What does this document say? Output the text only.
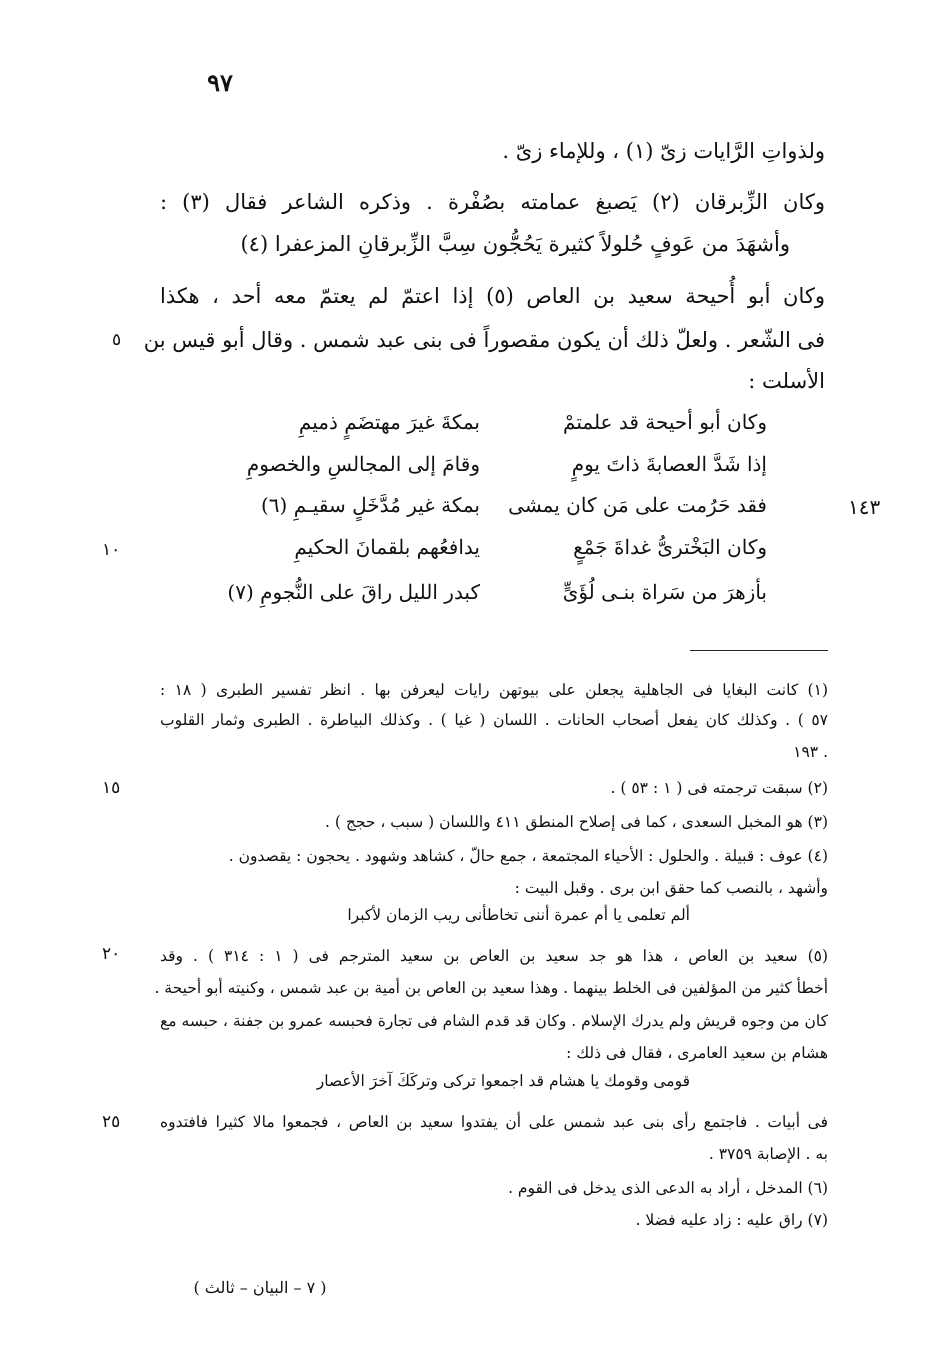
٩٧
ولذواتِ الرَّايات زىّ (١) ، وللإماء زىّ .
وكان الزِّبرقان (٢) يَصبغ عمامته بصُفْرة . وذكره الشاعر فقال (٣) :
وأشهَدَ من عَوفٍ حُلولاً كثيرة يَحُجُّون سِبَّ الزِّبرقانِ المزعفرا (٤)
وكان أبو أُحيحة سعيد بن العاص (٥) إذا اعتمّ لم يعتمّ معه أحد ، هكذا
فى الشّعر . ولعلّ ذلك أن يكون مقصوراً فى بنى عبد شمس . وقال أبو قيس بن
الأسلت :
وكان أبو أحيحة قد علمتمْ
بمكةَ غيرَ مهتضَمٍ ذميمِ
إذا شَدَّ العصابةَ ذاتَ يومٍ
وقامَ إلى المجالسِ والخصومِ
فقد حَرُمت على مَن كان يمشى
بمكة غير مُدَّخَلٍ سقيـمِ (٦)
وكان البَخْترىُّ غداةَ جَمْعٍ
يدافعُهم بلقمانَ الحكيمِ
بأزهرَ من سَراة بنـى لُؤَىٍّ
كبدر الليل راقَ على النُّجومِ (٧)
٥
١٠
١٥
٢٠
٢٥
١٤٣
(١) كانت البغايا فى الجاهلية يجعلن على بيوتهن رايات ليعرفن بها . انظر تفسير الطبرى ( ١٨ :
٥٧ ) . وكذلك كان يفعل أصحاب الحانات . اللسان ( غيا ) . وكذلك البياطرة . الطبرى وثمار القلوب
١٩٣ .
(٢) سبقت ترجمته فى ( ١ : ٥٣ ) .
(٣) هو المخبل السعدى ، كما فى إصلاح المنطق ٤١١ واللسان ( سبب ، حجج ) .
(٤) عوف : قبيلة . والحلول : الأحياء المجتمعة ، جمع حالّ ، كشاهد وشهود . يحجون : يقصدون .
وأشهد ، بالنصب كما حقق ابن برى . وقبل البيت :
ألم تعلمى يا أم عمرة أننى تخاطأنى ريب الزمان لأكبرا
(٥) سعيد بن العاص ، هذا هو جد سعيد بن العاص بن سعيد المترجم فى ( ١ : ٣١٤ ) . وقد
أخطأ كثير من المؤلفين فى الخلط بينهما . وهذا سعيد بن العاص بن أمية بن عبد شمس ، وكنيته أبو أحيحة .
كان من وجوه قريش ولم يدرك الإسلام . وكان قد قدم الشام فى تجارة فحبسه عمرو بن جفنة ، حبسه مع
هشام بن سعيد العامرى ، فقال فى ذلك :
قومى وقومك يا هشام قد اجمعوا تركى وتركَكَ آخرَ الأعصار
فى أبيات . فاجتمع رأى بنى عبد شمس على أن يفتدوا سعيد بن العاص ، فجمعوا مالا كثيرا فافتدوه
به . الإصابة ٣٧٥٩ .
(٦) المدخل ، أراد به الدعى الذى يدخل فى القوم .
(٧) راق عليه : زاد عليه فضلا .
( ٧ – البيان – ثالث )
